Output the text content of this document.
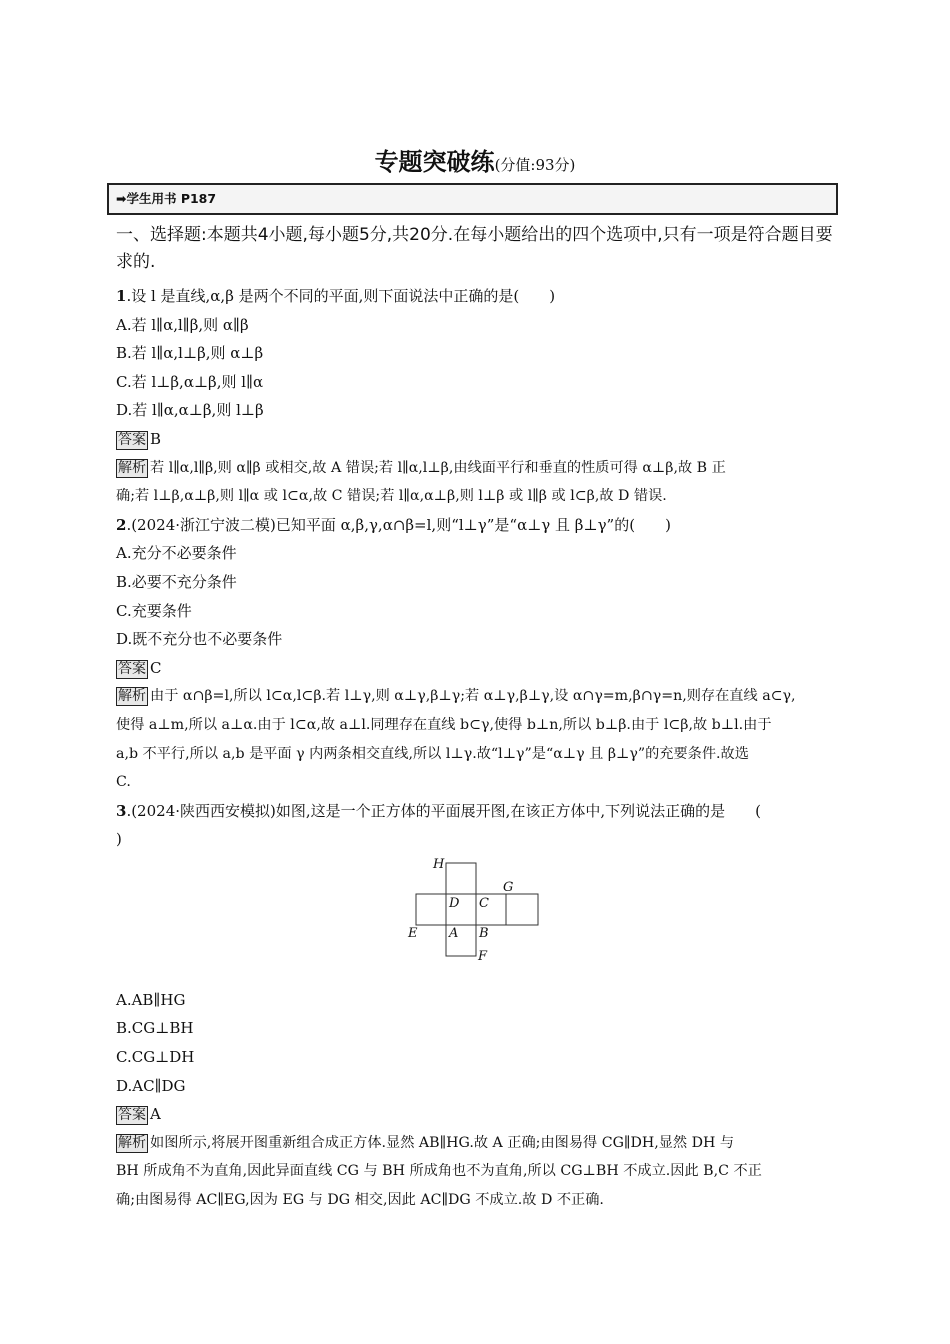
专题突破练(分值:93分)
➡学生用书 P187
一、选择题:本题共4小题,每小题5分,共20分.在每小题给出的四个选项中,只有一项是符合题目要求的.
1.设 l 是直线,α,β 是两个不同的平面,则下面说法中正确的是(　　)
A.若 l∥α,l∥β,则 α∥β
B.若 l∥α,l⊥β,则 α⊥β
C.若 l⊥β,α⊥β,则 l∥α
D.若 l∥α,α⊥β,则 l⊥β
答案 B
解析 若 l∥α,l∥β,则 α∥β 或相交,故 A 错误;若 l∥α,l⊥β,由线面平行和垂直的性质可得 α⊥β,故 B 正
确;若 l⊥β,α⊥β,则 l∥α 或 l⊂α,故 C 错误;若 l∥α,α⊥β,则 l⊥β 或 l∥β 或 l⊂β,故 D 错误.
2.(2024·浙江宁波二模)已知平面 α,β,γ,α∩β=l,则“l⊥γ”是“α⊥γ 且 β⊥γ”的(　　)
A.充分不必要条件
B.必要不充分条件
C.充要条件
D.既不充分也不必要条件
答案 C
解析 由于 α∩β=l,所以 l⊂α,l⊂β.若 l⊥γ,则 α⊥γ,β⊥γ;若 α⊥γ,β⊥γ,设 α∩γ=m,β∩γ=n,则存在直线 a⊂γ,
使得 a⊥m,所以 a⊥α.由于 l⊂α,故 a⊥l.同理存在直线 b⊂γ,使得 b⊥n,所以 b⊥β.由于 l⊂β,故 b⊥l.由于
a,b 不平行,所以 a,b 是平面 γ 内两条相交直线,所以 l⊥γ.故“l⊥γ”是“α⊥γ 且 β⊥γ”的充要条件.故选
C.
3.(2024·陕西西安模拟)如图,这是一个正方体的平面展开图,在该正方体中,下列说法正确的是　　(
)
H
G
D C
E A B
F
A.AB∥HG
B.CG⊥BH
C.CG⊥DH
D.AC∥DG
答案 A
解析 如图所示,将展开图重新组合成正方体.显然 AB∥HG.故 A 正确;由图易得 CG∥DH,显然 DH 与
BH 所成角不为直角,因此异面直线 CG 与 BH 所成角也不为直角,所以 CG⊥BH 不成立.因此 B,C 不正
确;由图易得 AC∥EG,因为 EG 与 DG 相交,因此 AC∥DG 不成立.故 D 不正确.
